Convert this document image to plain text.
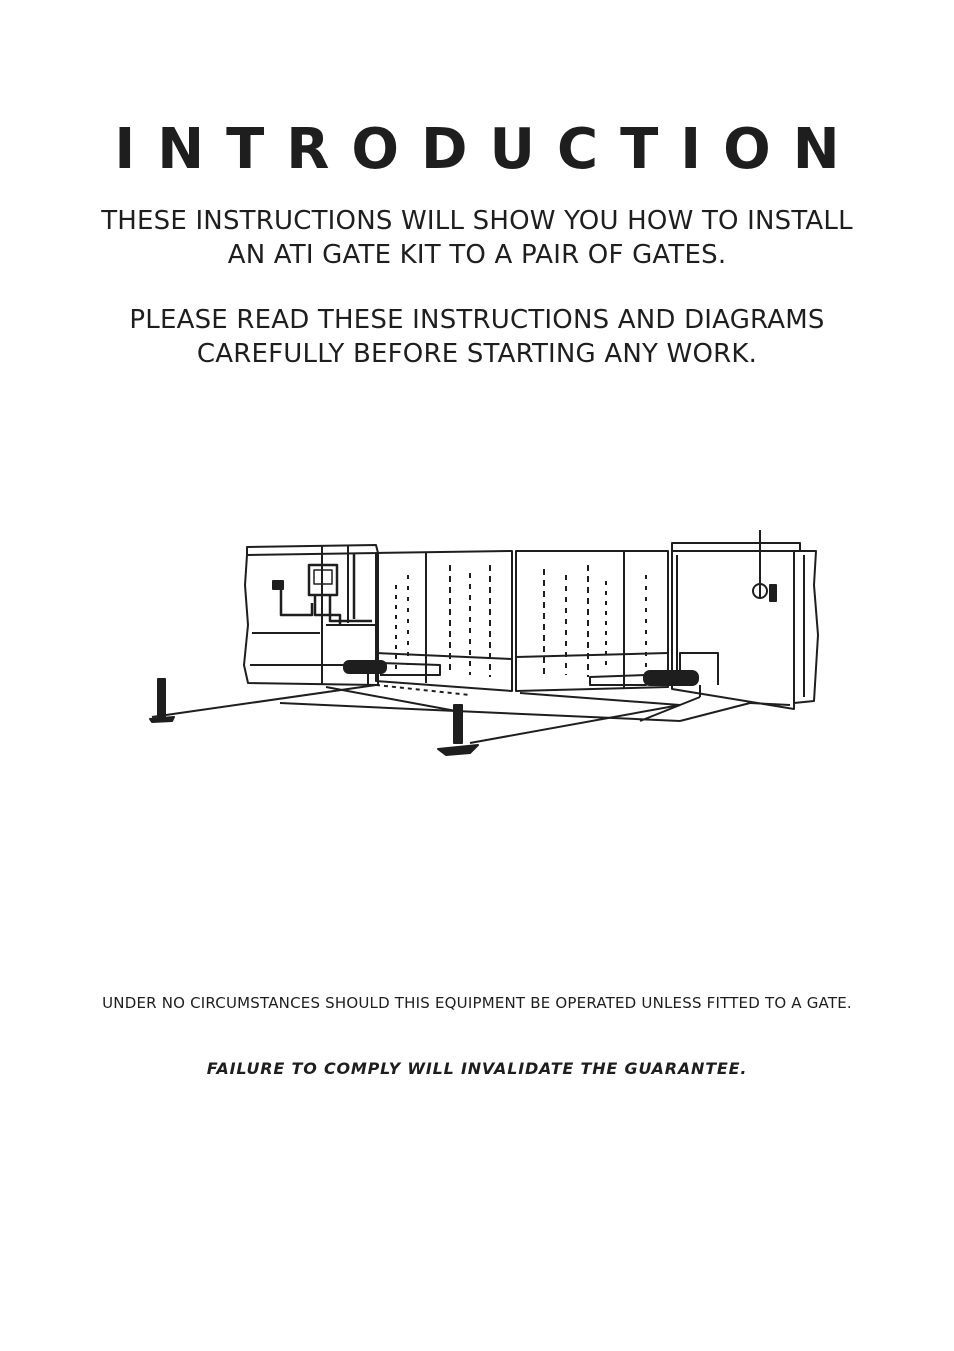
INTRODUCTION

THESE INSTRUCTIONS WILL SHOW YOU HOW TO INSTALL
AN ATI GATE KIT TO A PAIR OF GATES.

PLEASE READ THESE INSTRUCTIONS AND DIAGRAMS
CAREFULLY BEFORE STARTING ANY WORK.

UNDER NO CIRCUMSTANCES SHOULD THIS EQUIPMENT BE OPERATED UNLESS FITTED TO A GATE.

FAILURE TO COMPLY WILL INVALIDATE THE GUARANTEE.
